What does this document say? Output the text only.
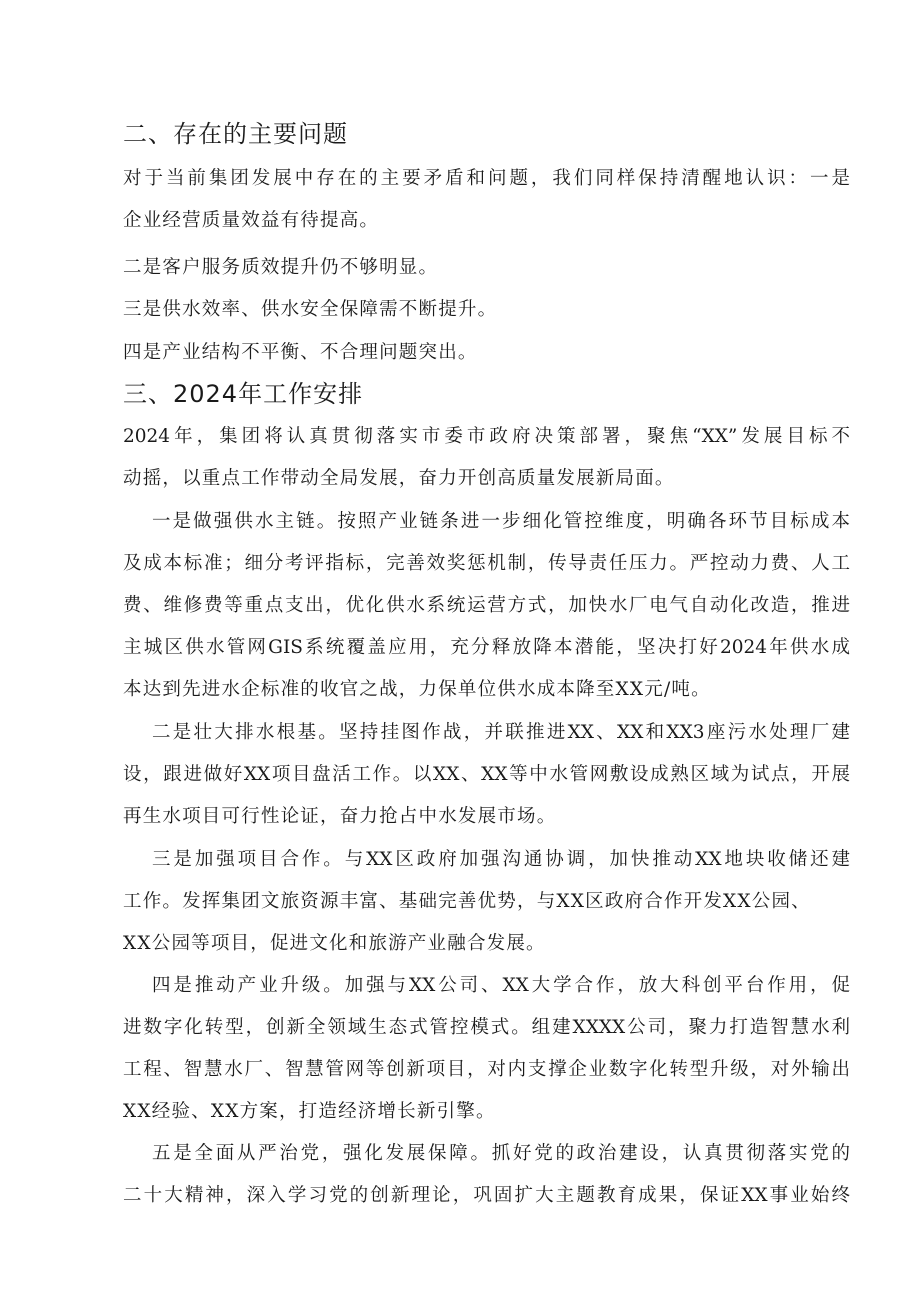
二、存在的主要问题
对于当前集团发展中存在的主要矛盾和问题，我们同样保持清醒地认识：一是
企业经营质量效益有待提高。
二是客户服务质效提升仍不够明显。
三是供水效率、供水安全保障需不断提升。
四是产业结构不平衡、不合理问题突出。
三、2024年工作安排
2024年，集团将认真贯彻落实市委市政府决策部署，聚焦“XX”发展目标不
动摇，以重点工作带动全局发展，奋力开创高质量发展新局面。
一是做强供水主链。按照产业链条进一步细化管控维度，明确各环节目标成本
及成本标准；细分考评指标，完善效奖惩机制，传导责任压力。严控动力费、人工
费、维修费等重点支出，优化供水系统运营方式，加快水厂电气自动化改造，推进
主城区供水管网GIS系统覆盖应用，充分释放降本潜能，坚决打好2024年供水成
本达到先进水企标准的收官之战，力保单位供水成本降至XX元/吨。
二是壮大排水根基。坚持挂图作战，并联推进XX、XX和XX3座污水处理厂建
设，跟进做好XX项目盘活工作。以XX、XX等中水管网敷设成熟区域为试点，开展
再生水项目可行性论证，奋力抢占中水发展市场。
三是加强项目合作。与XX区政府加强沟通协调，加快推动XX地块收储还建
工作。发挥集团文旅资源丰富、基础完善优势，与XX区政府合作开发XX公园、
XX公园等项目，促进文化和旅游产业融合发展。
四是推动产业升级。加强与XX公司、XX大学合作，放大科创平台作用，促
进数字化转型，创新全领域生态式管控模式。组建XXXX公司，聚力打造智慧水利
工程、智慧水厂、智慧管网等创新项目，对内支撑企业数字化转型升级，对外输出
XX经验、XX方案，打造经济增长新引擎。
五是全面从严治党，强化发展保障。抓好党的政治建设，认真贯彻落实党的
二十大精神，深入学习党的创新理论，巩固扩大主题教育成果，保证XX事业始终
